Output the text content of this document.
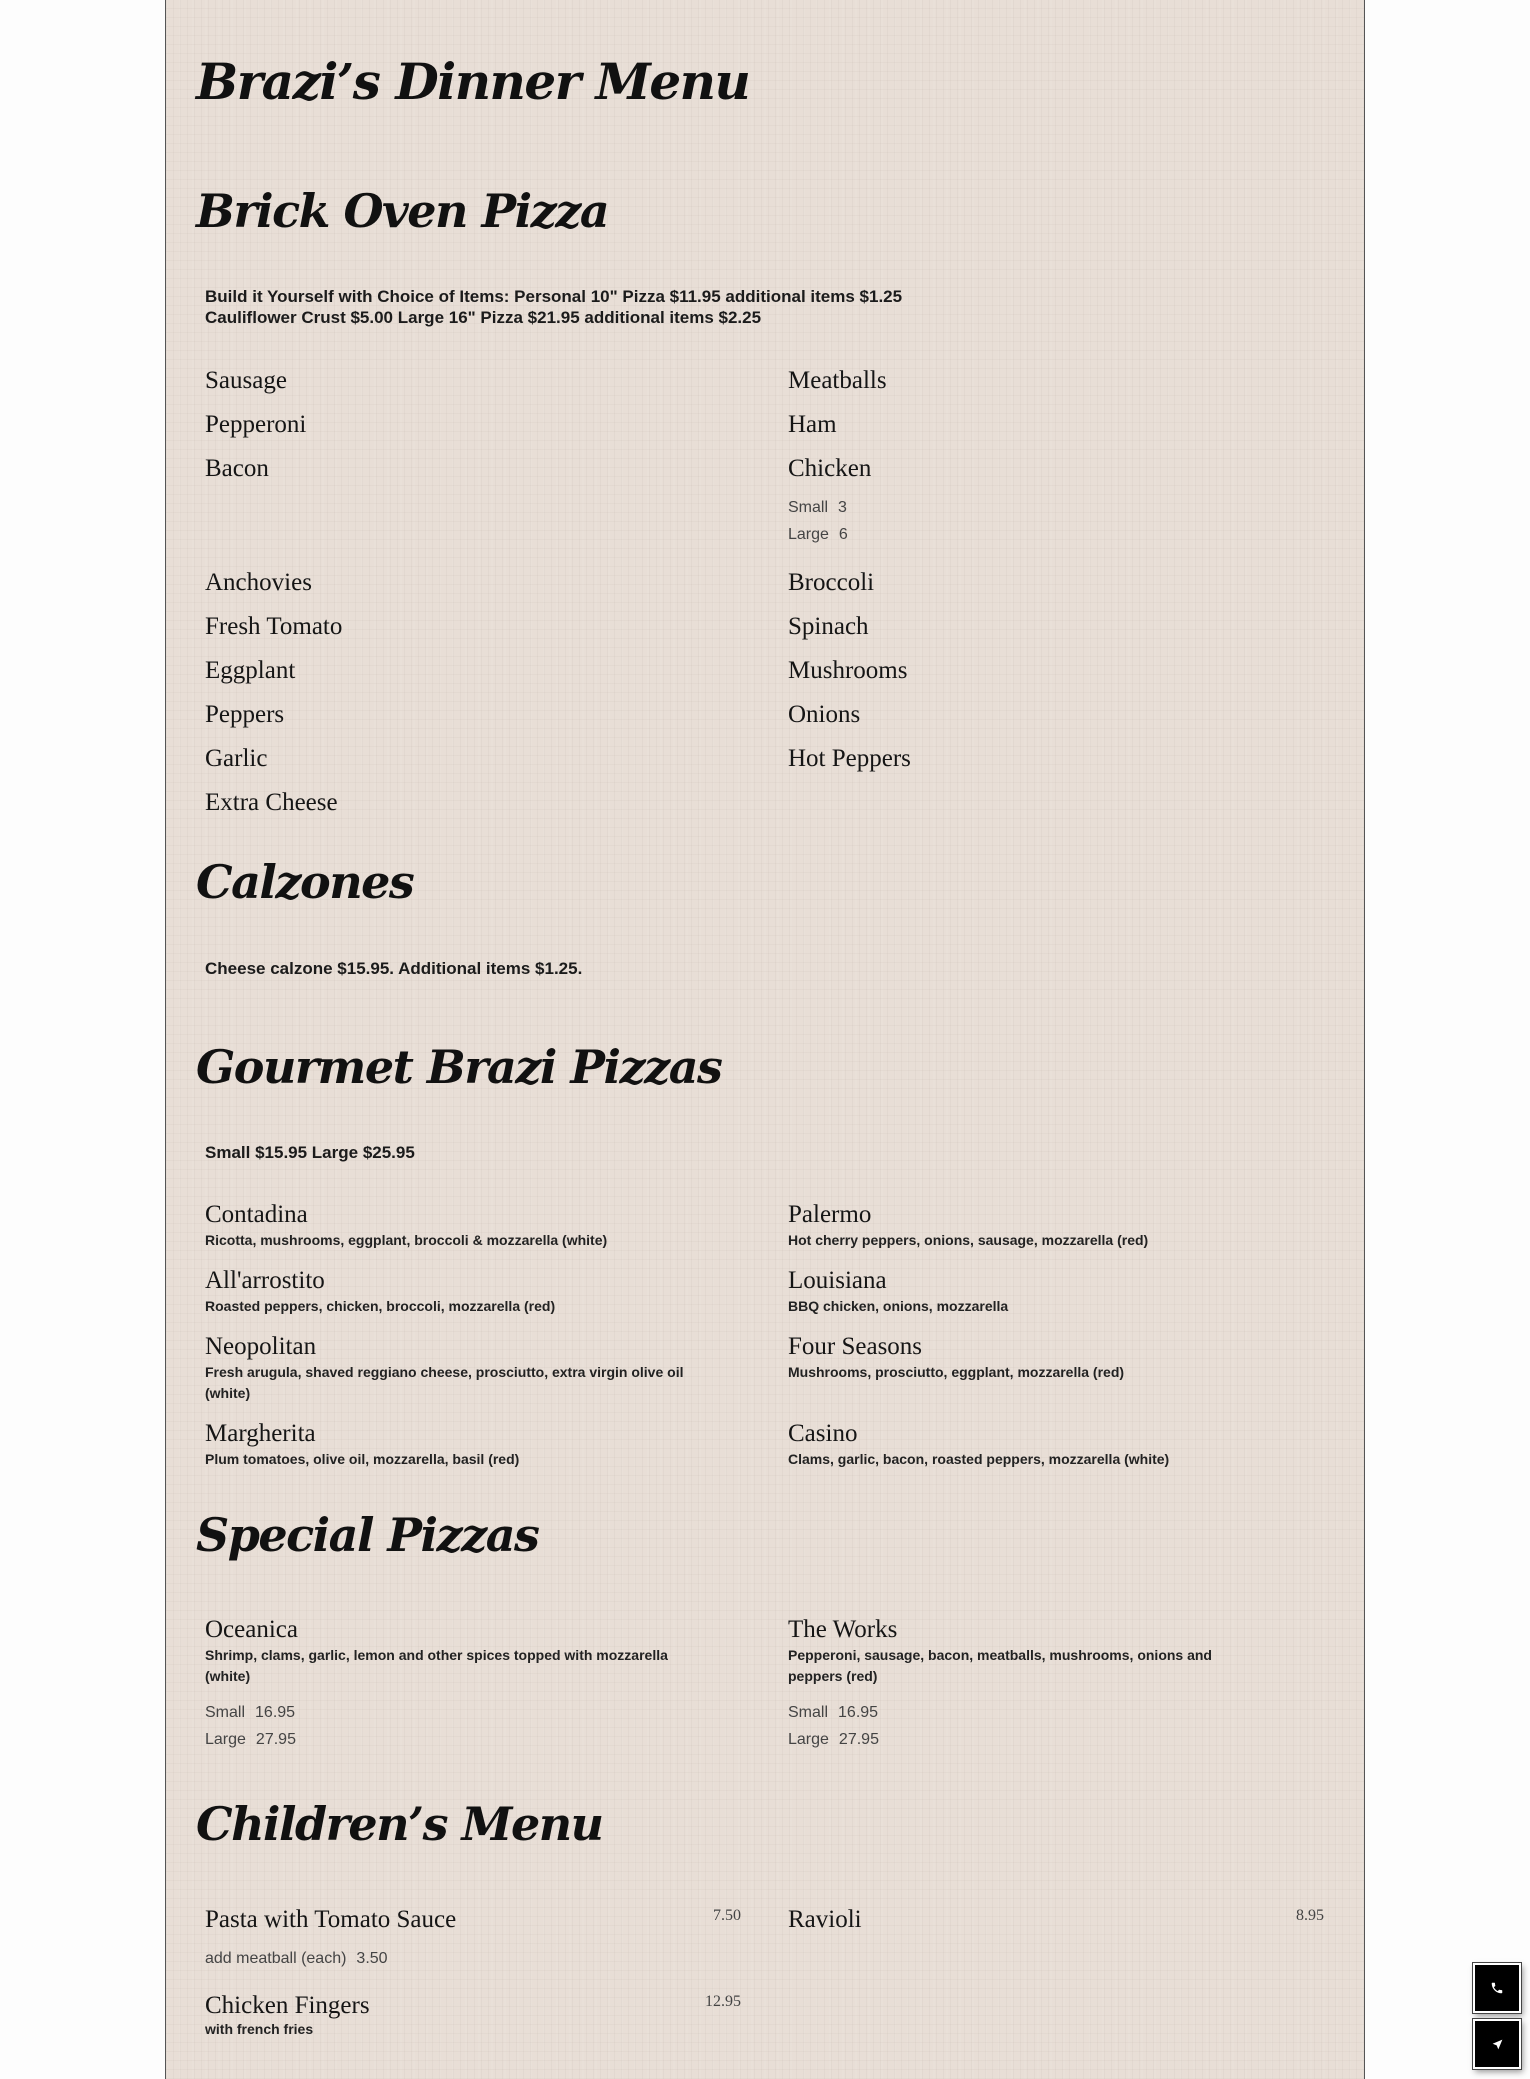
Brazi’s Dinner Menu
Brick Oven Pizza

Build it Yourself with Choice of Items: Personal 10" Pizza $11.95 additional items $1.25
Cauliflower Crust $5.00 Large 16" Pizza $21.95 additional items $2.25

Sausage
Pepperoni
Bacon
Meatballs
Ham
Chicken
Small 3
Large 6
Anchovies
Fresh Tomato
Eggplant
Peppers
Garlic
Extra Cheese
Broccoli
Spinach
Mushrooms
Onions
Hot Peppers
Calzones

Cheese calzone $15.95. Additional items $1.25.

Gourmet Brazi Pizzas

Small $15.95 Large $25.95

Contadina
Ricotta, mushrooms, eggplant, broccoli & mozzarella (white)
All'arrostito
Roasted peppers, chicken, broccoli, mozzarella (red)
Neopolitan
Fresh arugula, shaved reggiano cheese, prosciutto, extra virgin olive oil (white)
Margherita
Plum tomatoes, olive oil, mozzarella, basil (red)
Palermo
Hot cherry peppers, onions, sausage, mozzarella (red)
Louisiana
BBQ chicken, onions, mozzarella
Four Seasons
Mushrooms, prosciutto, eggplant, mozzarella (red)
Casino
Clams, garlic, bacon, roasted peppers, mozzarella (white)
Special Pizzas
Oceanica
Shrimp, clams, garlic, lemon and other spices topped with mozzarella (white)
Small 16.95
Large 27.95
The Works
Pepperoni, sausage, bacon, meatballs, mushrooms, onions and peppers (red)
Small 16.95
Large 27.95
Children’s Menu
Pasta with Tomato Sauce	7.50
add meatball (each) 3.50
Ravioli	8.95
Chicken Fingers	12.95
with french fries
